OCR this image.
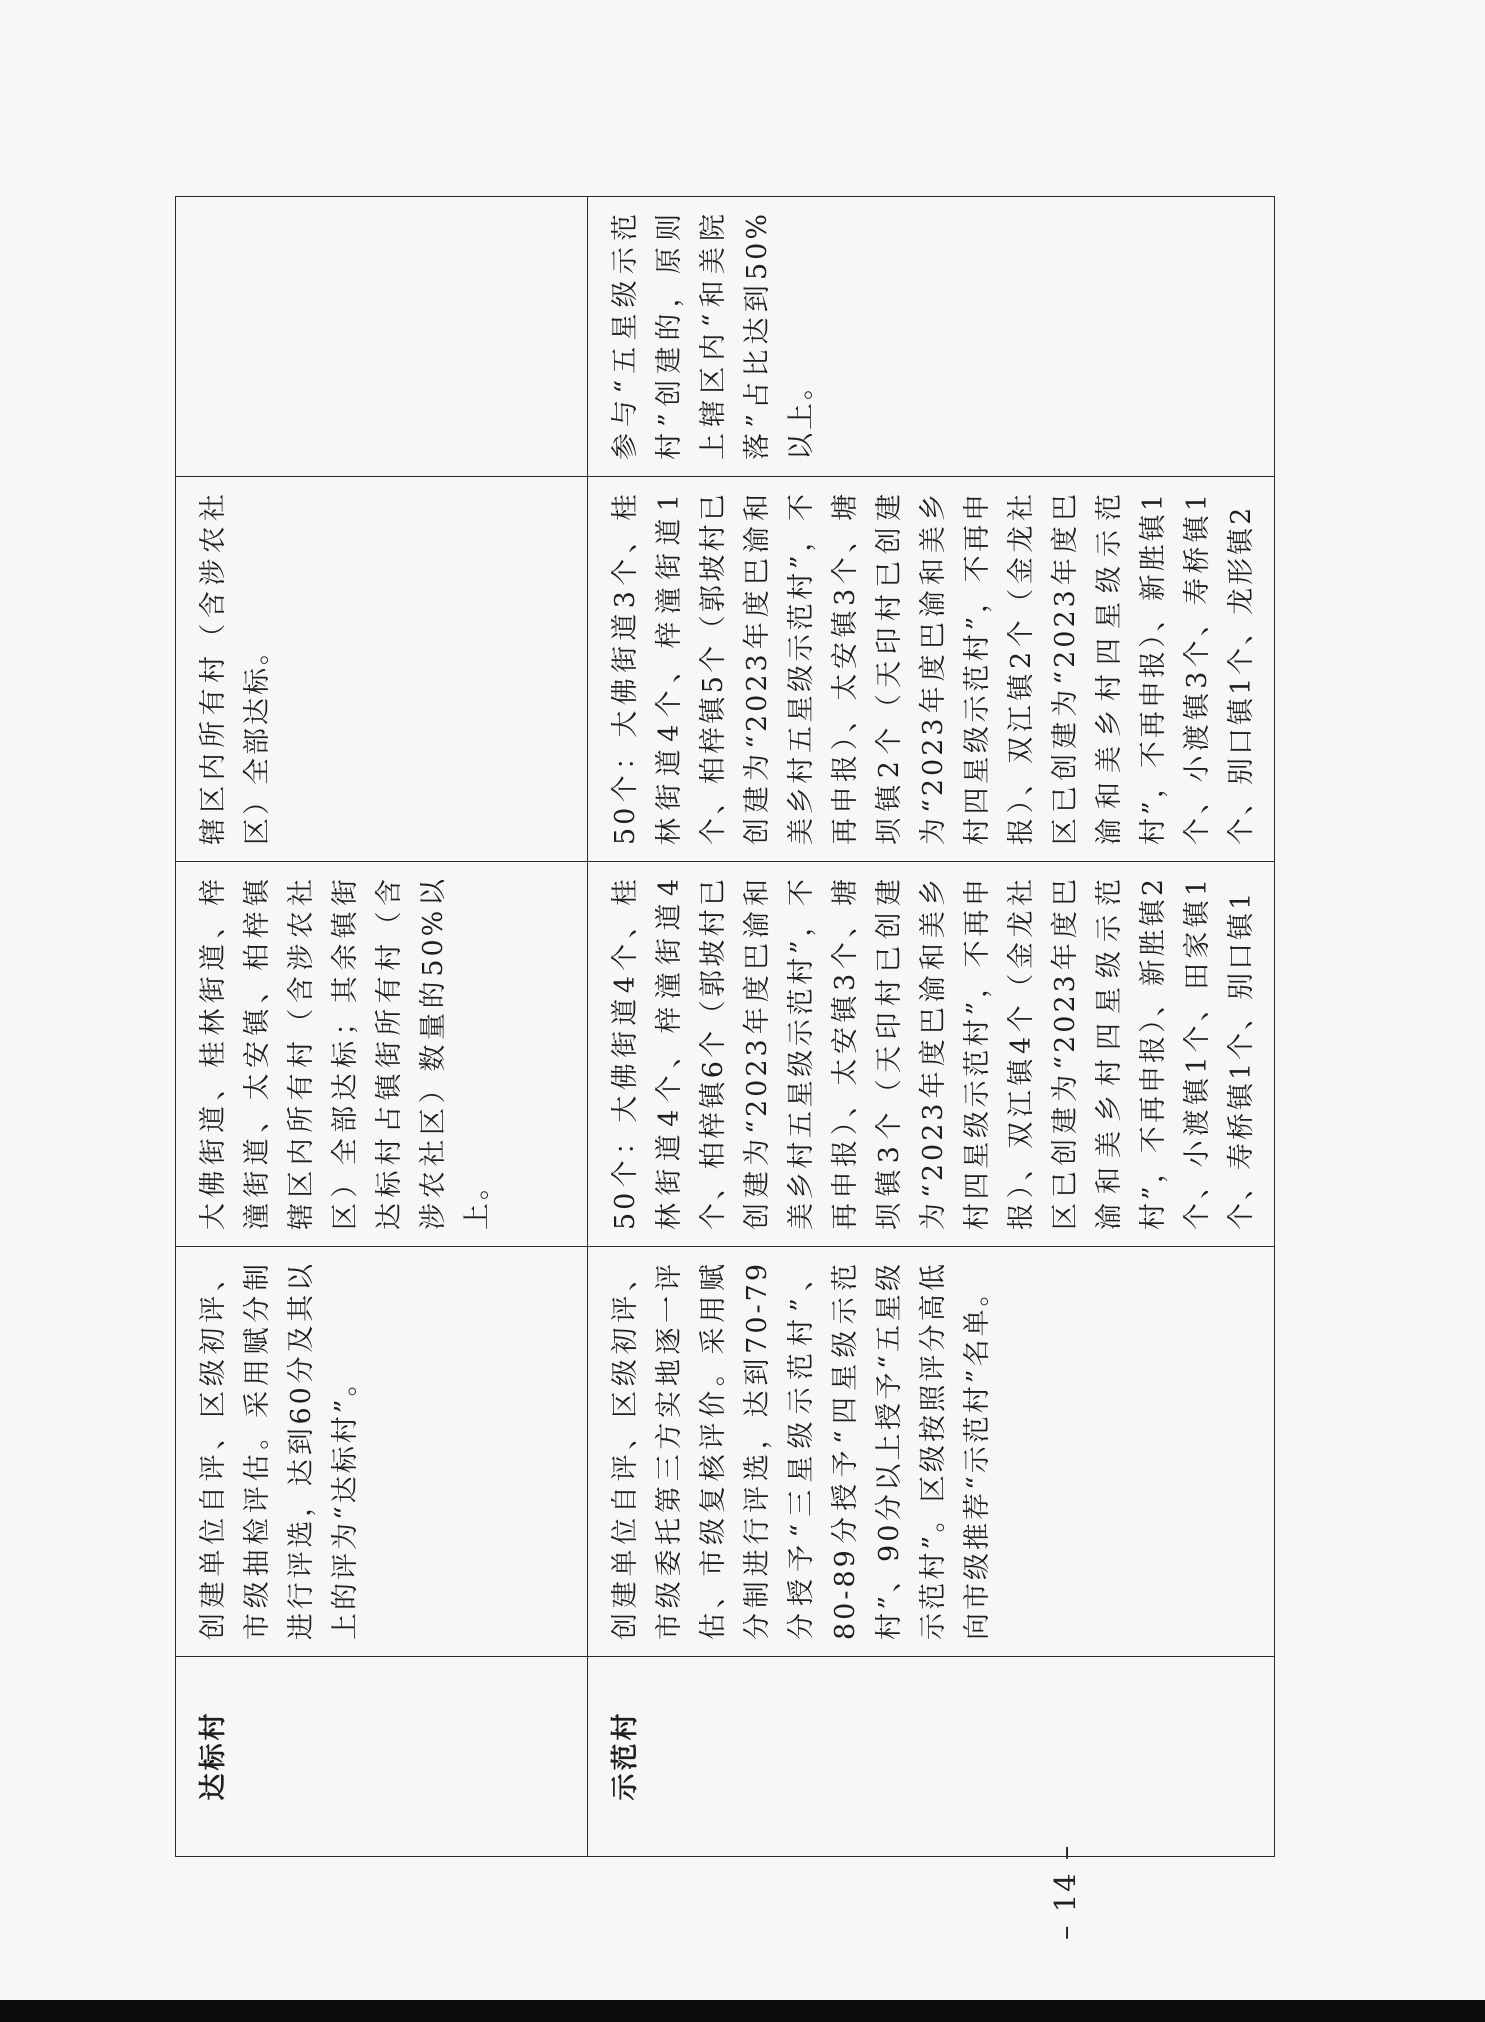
达标村	创建单位自评、区级初评、市级抽检评估。采用赋分制进行评选，达到60分及其以上的评为“达标村”。	大佛街道、桂林街道、梓潼街道、太安镇、柏梓镇辖区内所有村（含涉农社区）全部达标；其余镇街达标村占镇街所有村（含涉农社区）数量的50%以上。	辖区内所有村（含涉农社区）全部达标。	
示范村	创建单位自评、区级初评、市级委托第三方实地逐一评估、市级复核评价。采用赋分制进行评选，达到70-79分授予“三星级示范村”、80-89分授予“四星级示范村”、90分以上授予“五星级示范村”。区级按照评分高低向市级推荐“示范村”名单。	50个：大佛街道4个、桂林街道4个、梓潼街道4个、柏梓镇6个（郭坡村已创建为“2023年度巴渝和美乡村五星级示范村”，不再申报）、太安镇3个、塘坝镇3个（天印村已创建为“2023年度巴渝和美乡村四星级示范村”，不再申报）、双江镇4个（金龙社区已创建为“2023年度巴渝和美乡村四星级示范村”，不再申报）、新胜镇2个、小渡镇1个、田家镇1个、寿桥镇1个、别口镇1	50个：大佛街道3个、桂林街道4个、梓潼街道1个、柏梓镇5个（郭坡村已创建为“2023年度巴渝和美乡村五星级示范村”，不再申报）、太安镇3个、塘坝镇2个（天印村已创建为“2023年度巴渝和美乡村四星级示范村”，不再申报）、双江镇2个（金龙社区已创建为“2023年度巴渝和美乡村四星级示范村”，不再申报）、新胜镇1个、小渡镇3个、寿桥镇1个、别口镇1个、龙形镇2	参与“五星级示范村”创建的，原则上辖区内“和美院落”占比达到50%以上。
– 14 –
